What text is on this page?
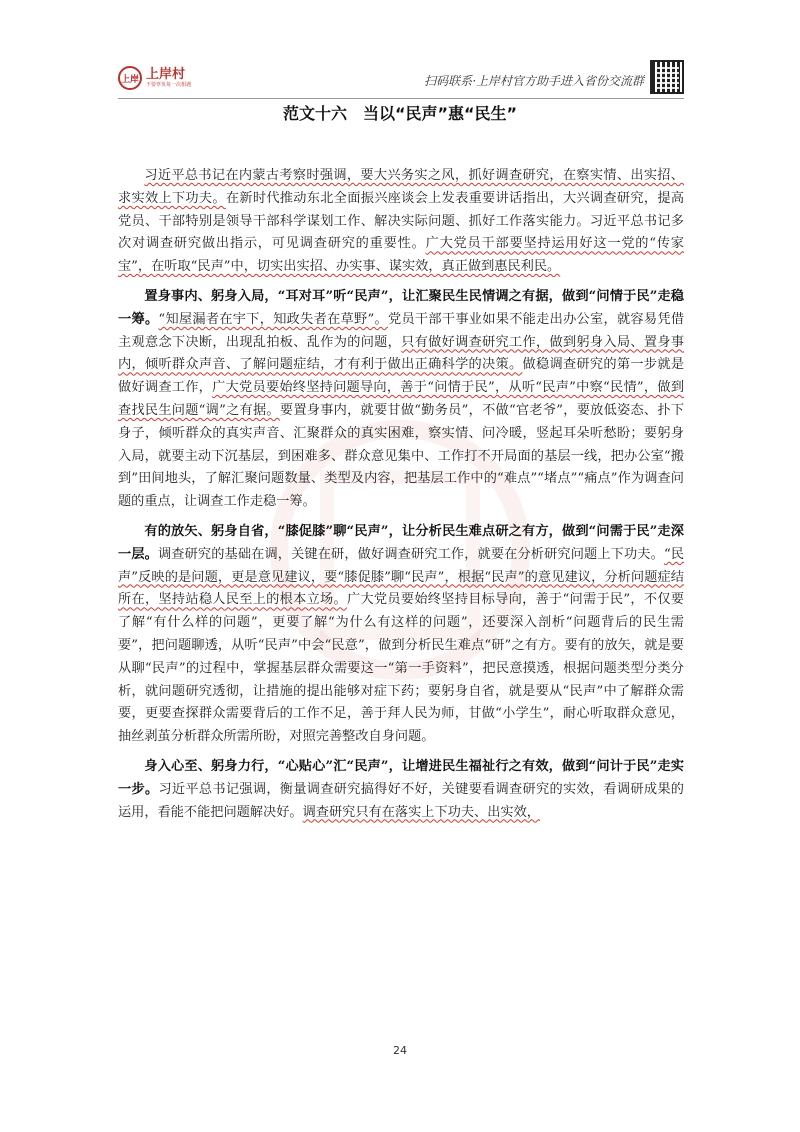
上岸 上岸村
不要辜负每一次相遇	扫码联系·上岸村官方助手进入省份交流群
范文十六　当以“民声”惠“民生”

习近平总书记在内蒙古考察时强调，要大兴务实之风，抓好调查研究，在察实情、出实招、求实效上下功夫。在新时代推动东北全面振兴座谈会上发表重要讲话指出，大兴调查研究，提高党员、干部特别是领导干部科学谋划工作、解决实际问题、抓好工作落实能力。习近平总书记多次对调查研究做出指示，可见调查研究的重要性。广大党员干部要坚持运用好这一党的“传家宝”，在听取“民声”中，切实出实招、办实事、谋实效，真正做到惠民利民。

置身事内、躬身入局，“耳对耳”听“民声”，让汇聚民生民情调之有据，做到“问情于民”走稳一筹。“知屋漏者在宇下，知政失者在草野”。党员干部干事业如果不能走出办公室，就容易凭借主观意念下决断，出现乱拍板、乱作为的问题，只有做好调查研究工作，做到躬身入局、置身事内，倾听群众声音、了解问题症结，才有利于做出正确科学的决策。做稳调查研究的第一步就是做好调查工作，广大党员要始终坚持问题导向，善于“问情于民”，从听“民声”中察“民情”，做到查找民生问题“调”之有据。要置身事内，就要甘做“勤务员”，不做“官老爷”，要放低姿态、扑下身子，倾听群众的真实声音、汇聚群众的真实困难，察实情、问冷暖，竖起耳朵听愁盼；要躬身入局，就要主动下沉基层，到困难多、群众意见集中、工作打不开局面的基层一线，把办公室“搬到”田间地头，了解汇聚问题数量、类型及内容，把基层工作中的“难点”“堵点”“痛点”作为调查问题的重点，让调查工作走稳一筹。

有的放矢、躬身自省，“膝促膝”聊“民声”，让分析民生难点研之有方，做到“问需于民”走深一层。调查研究的基础在调，关键在研，做好调查研究工作，就要在分析研究问题上下功夫。“民声”反映的是问题，更是意见建议，要“膝促膝”聊“民声”，根据“民声”的意见建议，分析问题症结所在，坚持站稳人民至上的根本立场。广大党员要始终坚持目标导向，善于“问需于民”，不仅要了解“有什么样的问题”，更要了解“为什么有这样的问题”，还要深入剖析“问题背后的民生需要”，把问题聊透，从听“民声”中会“民意”，做到分析民生难点“研”之有方。要有的放矢，就是要从聊“民声”的过程中，掌握基层群众需要这一“第一手资料”，把民意摸透，根据问题类型分类分析，就问题研究透彻，让措施的提出能够对症下药；要躬身自省，就是要从“民声”中了解群众需要，更要查探群众需要背后的工作不足，善于拜人民为师，甘做“小学生”，耐心听取群众意见，抽丝剥茧分析群众所需所盼，对照完善整改自身问题。

身入心至、躬身力行，“心贴心”汇“民声”，让增进民生福祉行之有效，做到“问计于民”走实一步。习近平总书记强调，衡量调查研究搞得好不好，关键要看调查研究的实效，看调研成果的运用，看能不能把问题解决好。调查研究只有在落实上下功夫、出实效，

24
